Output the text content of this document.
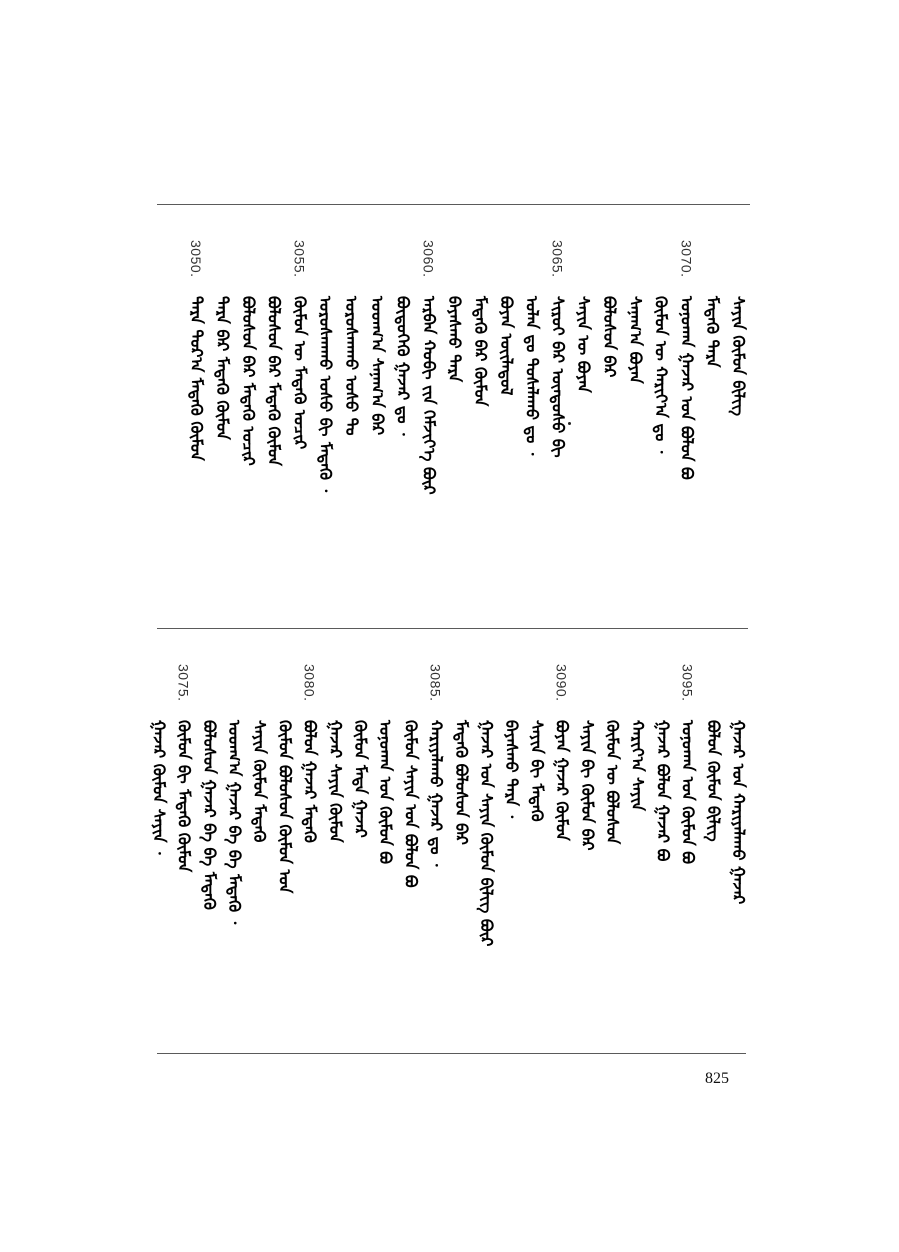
ᠰᠠᠶᠢᠨ ᠬᠦᠮᠦᠨ ᠪᠢᠯᠢᠭ
ᠮᠡᠳᠡᠬᠦ ᠲᠡᠷᠡ
3070.
ᠤᠨᠤᠬᠠᠨ ᠭᠠᠵᠠᠷ ᠤᠨ ᠪᠤᠯᠤᠨ ᠪᠤ
ᠬᠦᠮᠦᠨ ᠦ ᠬᠠᠷᠢᠶ᠎ᠠ ᠳᠤ ᠂
ᠰᠠᠨᠠᠭ᠎ᠠ ᠪᠤᠶᠠᠨ
ᠪᠤᠯᠤᠰᠤᠨ ᠪᠠᠷ
ᠰᠠᠶᠢᠨ ᠦ ᠪᠤᠶᠠᠨ
3065.
ᠰᠢᠷᠦᠢ ᠪᠠᠷ ᠦᠨᠳᠦᠰᠦ ᠪᠢ
ᠤᠯᠠᠨ ᠳᠤ ᠲᠤᠰᠠᠯᠠᠬᠤ ᠳᠤ ᠂
ᠪᠤᠶᠠᠨ ᠦᠢᠯᠡᠳᠦᠯ
ᠮᠡᠳᠡᠬᠦ ᠪᠡᠷ ᠬᠦᠮᠦᠨ
ᠪᠠᠶᠠᠰᠬᠤ ᠲᠡᠷᠡ
3060.
ᠠᠷᠪᠠᠨ ᠬᠤᠪᠢ ᠵᠢᠨ ᠬᠡᠮᠵᠢᠶ᠎ᠡ ᠪᠦᠷ
ᠪᠦᠲᠦᠭᠡᠬᠦ ᠭᠠᠵᠠᠷ ᠳᠤ ᠂
ᠤᠳᠬ᠎ᠠ ᠰᠠᠨᠠᠭ᠎ᠠ ᠪᠡᠷ
ᠤᠷᠤᠰᠬᠠᠬᠤ ᠤᠰᠤ ᠲᠤ
ᠤᠷᠤᠰᠬᠠᠬᠤ ᠤᠰᠤ ᠪᠢ ᠮᠡᠳᠡᠬᠦ ᠂
3055.
ᠬᠦᠮᠦᠨ ᠦ ᠮᠡᠳᠡᠬᠦ ᠤᠴᠢᠷ
ᠪᠤᠯᠤᠰᠤᠨ ᠪᠠᠷ ᠮᠡᠳᠡᠬᠦ ᠬᠦᠮᠦᠨ
ᠪᠤᠯᠤᠰᠤᠨ ᠪᠠᠷ ᠮᠡᠳᠡᠬᠦ ᠤᠴᠢᠷ
ᠲᠡᠷᠡ ᠪᠠᠷ ᠮᠡᠳᠡᠬᠦ ᠬᠦᠮᠦᠨ
3050.
ᠲᠡᠷᠡ ᠳᠤᠷ᠎ᠠ ᠮᠡᠳᠡᠬᠦ ᠬᠦᠮᠦᠨ
ᠭᠠᠵᠠᠷ ᠤᠨ ᠬᠠᠷᠢᠶᠠᠯᠠᠬᠤ ᠭᠠᠵᠠᠷ
ᠪᠤᠯᠤᠨ ᠬᠦᠮᠦᠨ ᠪᠢᠯᠢᠭ
3095.
ᠤᠨᠤᠬᠠᠨ ᠤᠨ ᠬᠦᠮᠦᠨ ᠪᠤ
ᠭᠠᠵᠠᠷ ᠪᠤᠯᠤᠨ ᠭᠠᠵᠠᠷ ᠪᠤ
ᠬᠠᠷᠢᠶ᠎ᠠ ᠰᠠᠶᠢᠨ
ᠬᠦᠮᠦᠨ ᠦ ᠪᠤᠯᠤᠰᠤᠨ
ᠰᠠᠶᠢᠨ ᠪᠢ ᠬᠦᠮᠦᠨ ᠪᠠᠷ
3090.
ᠪᠤᠶᠠᠨ ᠭᠠᠵᠠᠷ ᠬᠦᠮᠦᠨ
ᠰᠠᠶᠢᠨ ᠪᠢ ᠮᠡᠳᠡᠬᠦ
ᠪᠠᠶᠠᠰᠬᠤ ᠲᠡᠷᠡ ᠂
ᠭᠠᠵᠠᠷ ᠤᠨ ᠰᠠᠶᠢᠨ ᠬᠦᠮᠦᠨ ᠪᠢᠯᠢᠭ ᠪᠦᠷ
ᠮᠡᠳᠡᠬᠦ ᠪᠤᠯᠤᠰᠤᠨ ᠪᠠᠷ
3085.
ᠬᠠᠷᠢᠶᠠᠯᠠᠬᠤ ᠭᠠᠵᠠᠷ ᠳᠤ ᠂
ᠬᠦᠮᠦᠨ ᠰᠠᠶᠢᠨ ᠤᠨ ᠪᠤᠯᠤᠨ ᠪᠤ
ᠤᠨᠤᠬᠠᠨ ᠤᠨ ᠬᠦᠮᠦᠨ ᠪᠤ
ᠬᠦᠮᠦᠨ ᠮᠡᠳᠡ ᠭᠠᠵᠠᠷ
ᠭᠠᠵᠠᠷ ᠰᠠᠶᠢᠨ ᠬᠦᠮᠦᠨ
3080.
ᠪᠤᠯᠤᠨ ᠭᠠᠵᠠᠷ ᠮᠡᠳᠡᠬᠦ
ᠬᠦᠮᠦᠨ ᠪᠤᠯᠤᠰᠤᠨ ᠬᠦᠮᠦᠨ ᠤᠨ
ᠰᠠᠶᠢᠨ ᠬᠦᠮᠦᠨ ᠮᠡᠳᠡᠬᠦ
ᠤᠳᠬ᠎ᠠ ᠭᠠᠵᠠᠷ ᠪᠠ ᠪᠠ ᠮᠡᠳᠡᠬᠦ ᠂
ᠪᠤᠯᠤᠰᠤᠨ ᠭᠠᠵᠠᠷ ᠪᠠ ᠪᠠ ᠮᠡᠳᠡᠬᠦ
3075.
ᠬᠦᠮᠦᠨ ᠪᠢ ᠮᠡᠳᠡᠬᠦ ᠬᠦᠮᠦᠨ
ᠭᠠᠵᠠᠷ ᠬᠦᠮᠦᠨ ᠰᠠᠶᠢᠨ ᠂
825
